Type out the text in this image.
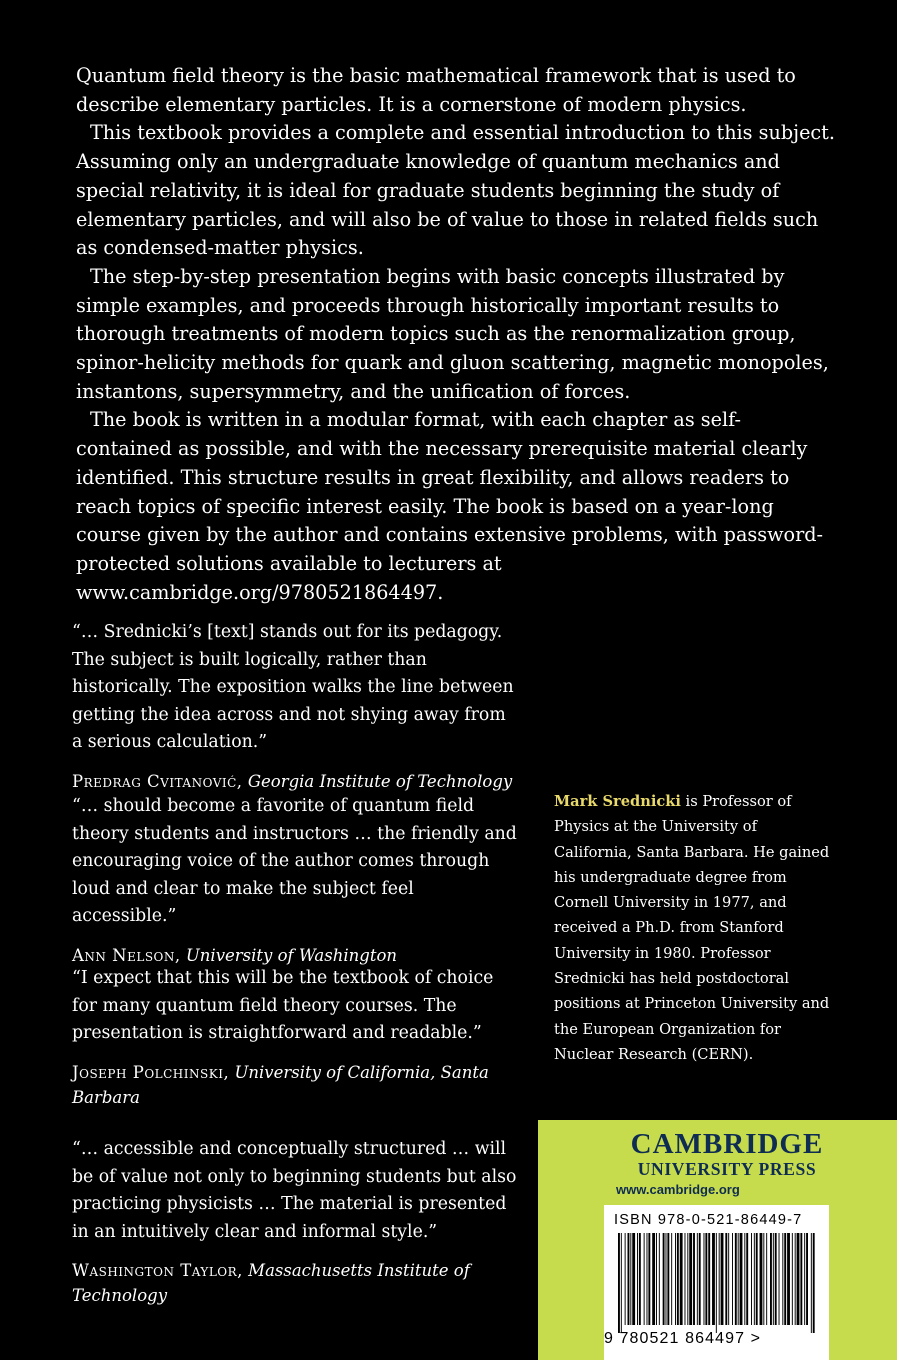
Quantum field theory is the basic mathematical framework that is used to describe elementary particles. It is a cornerstone of modern physics.

This textbook provides a complete and essential introduction to this subject. Assuming only an undergraduate knowledge of quantum mechanics and special relativity, it is ideal for graduate students beginning the study of elementary particles, and will also be of value to those in related fields such as condensed-matter physics.

The step-by-step presentation begins with basic concepts illustrated by simple examples, and proceeds through historically important results to thorough treatments of modern topics such as the renormalization group, spinor-helicity methods for quark and gluon scattering, magnetic monopoles, instantons, supersymmetry, and the unification of forces.

The book is written in a modular format, with each chapter as self-contained as possible, and with the necessary prerequisite material clearly identified. This structure results in great flexibility, and allows readers to reach topics of specific interest easily. The book is based on a year-long course given by the author and contains extensive problems, with password-protected solutions available to lecturers at www.cambridge.org/9780521864497.

“… Srednicki’s [text] stands out for its pedagogy. The subject is built logically, rather than historically. The exposition walks the line between getting the idea across and not shying away from a serious calculation.”

Predrag Cvitanović, Georgia Institute of Technology

“… should become a favorite of quantum field theory students and instructors … the friendly and encouraging voice of the author comes through loud and clear to make the subject feel accessible.”

Ann Nelson, University of Washington

“I expect that this will be the textbook of choice for many quantum field theory courses. The presentation is straightforward and readable.”

Joseph Polchinski, University of California, Santa Barbara

“… accessible and conceptually structured … will be of value not only to beginning students but also practicing physicists … The material is presented in an intuitively clear and informal style.”

Washington Taylor, Massachusetts Institute of Technology

Mark Srednicki is Professor of Physics at the University of California, Santa Barbara. He gained his undergraduate degree from Cornell University in 1977, and received a Ph.D. from Stanford University in 1980. Professor Srednicki has held postdoctoral positions at Princeton University and the European Organization for Nuclear Research (CERN).
CAMBRIDGE
UNIVERSITY PRESS
www.cambridge.org
ISBN 978-0-521-86449-7
9 780521 864497 >
